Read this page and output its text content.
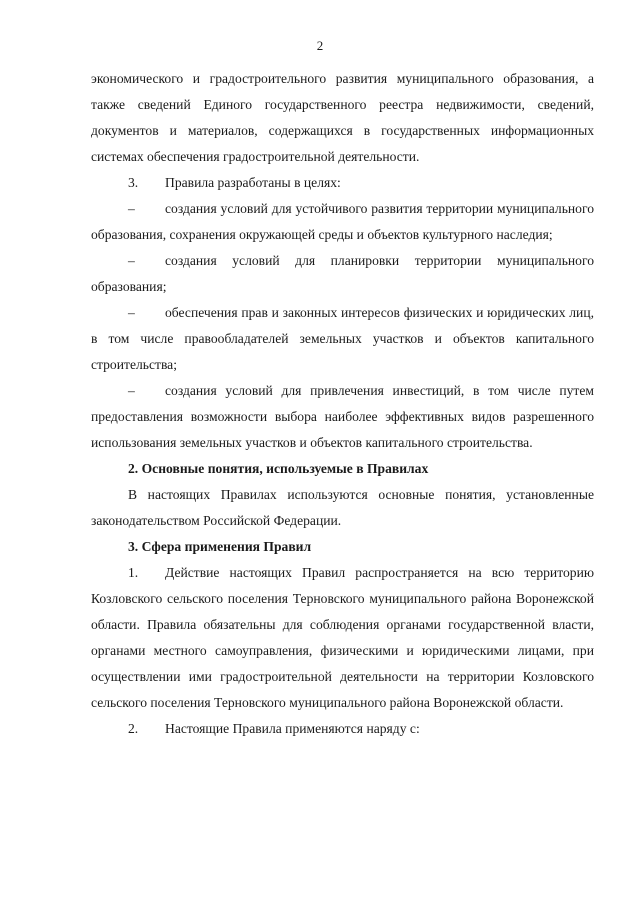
2

экономического и градостроительного развития муниципального образования, а также сведений Единого государственного реестра недвижимости, сведений, документов и материалов, содержащихся в государственных информационных системах обеспечения градостроительной деятельности.

3. Правила разработаны в целях:

– создания условий для устойчивого развития территории муниципального образования, сохранения окружающей среды и объектов культурного наследия;

– создания условий для планировки территории муниципального образования;

– обеспечения прав и законных интересов физических и юридических лиц, в том числе правообладателей земельных участков и объектов капитального строительства;

– создания условий для привлечения инвестиций, в том числе путем предоставления возможности выбора наиболее эффективных видов разрешенного использования земельных участков и объектов капитального строительства.

2. Основные понятия, используемые в Правилах

В настоящих Правилах используются основные понятия, установленные законодательством Российской Федерации.

3. Сфера применения Правил

1. Действие настоящих Правил распространяется на всю территорию Козловского сельского поселения Терновского муниципального района Воронежской области. Правила обязательны для соблюдения органами государственной власти, органами местного самоуправления, физическими и юридическими лицами, при осуществлении ими градостроительной деятельности на территории Козловского сельского поселения Терновского муниципального района Воронежской области.

2. Настоящие Правила применяются наряду с:
